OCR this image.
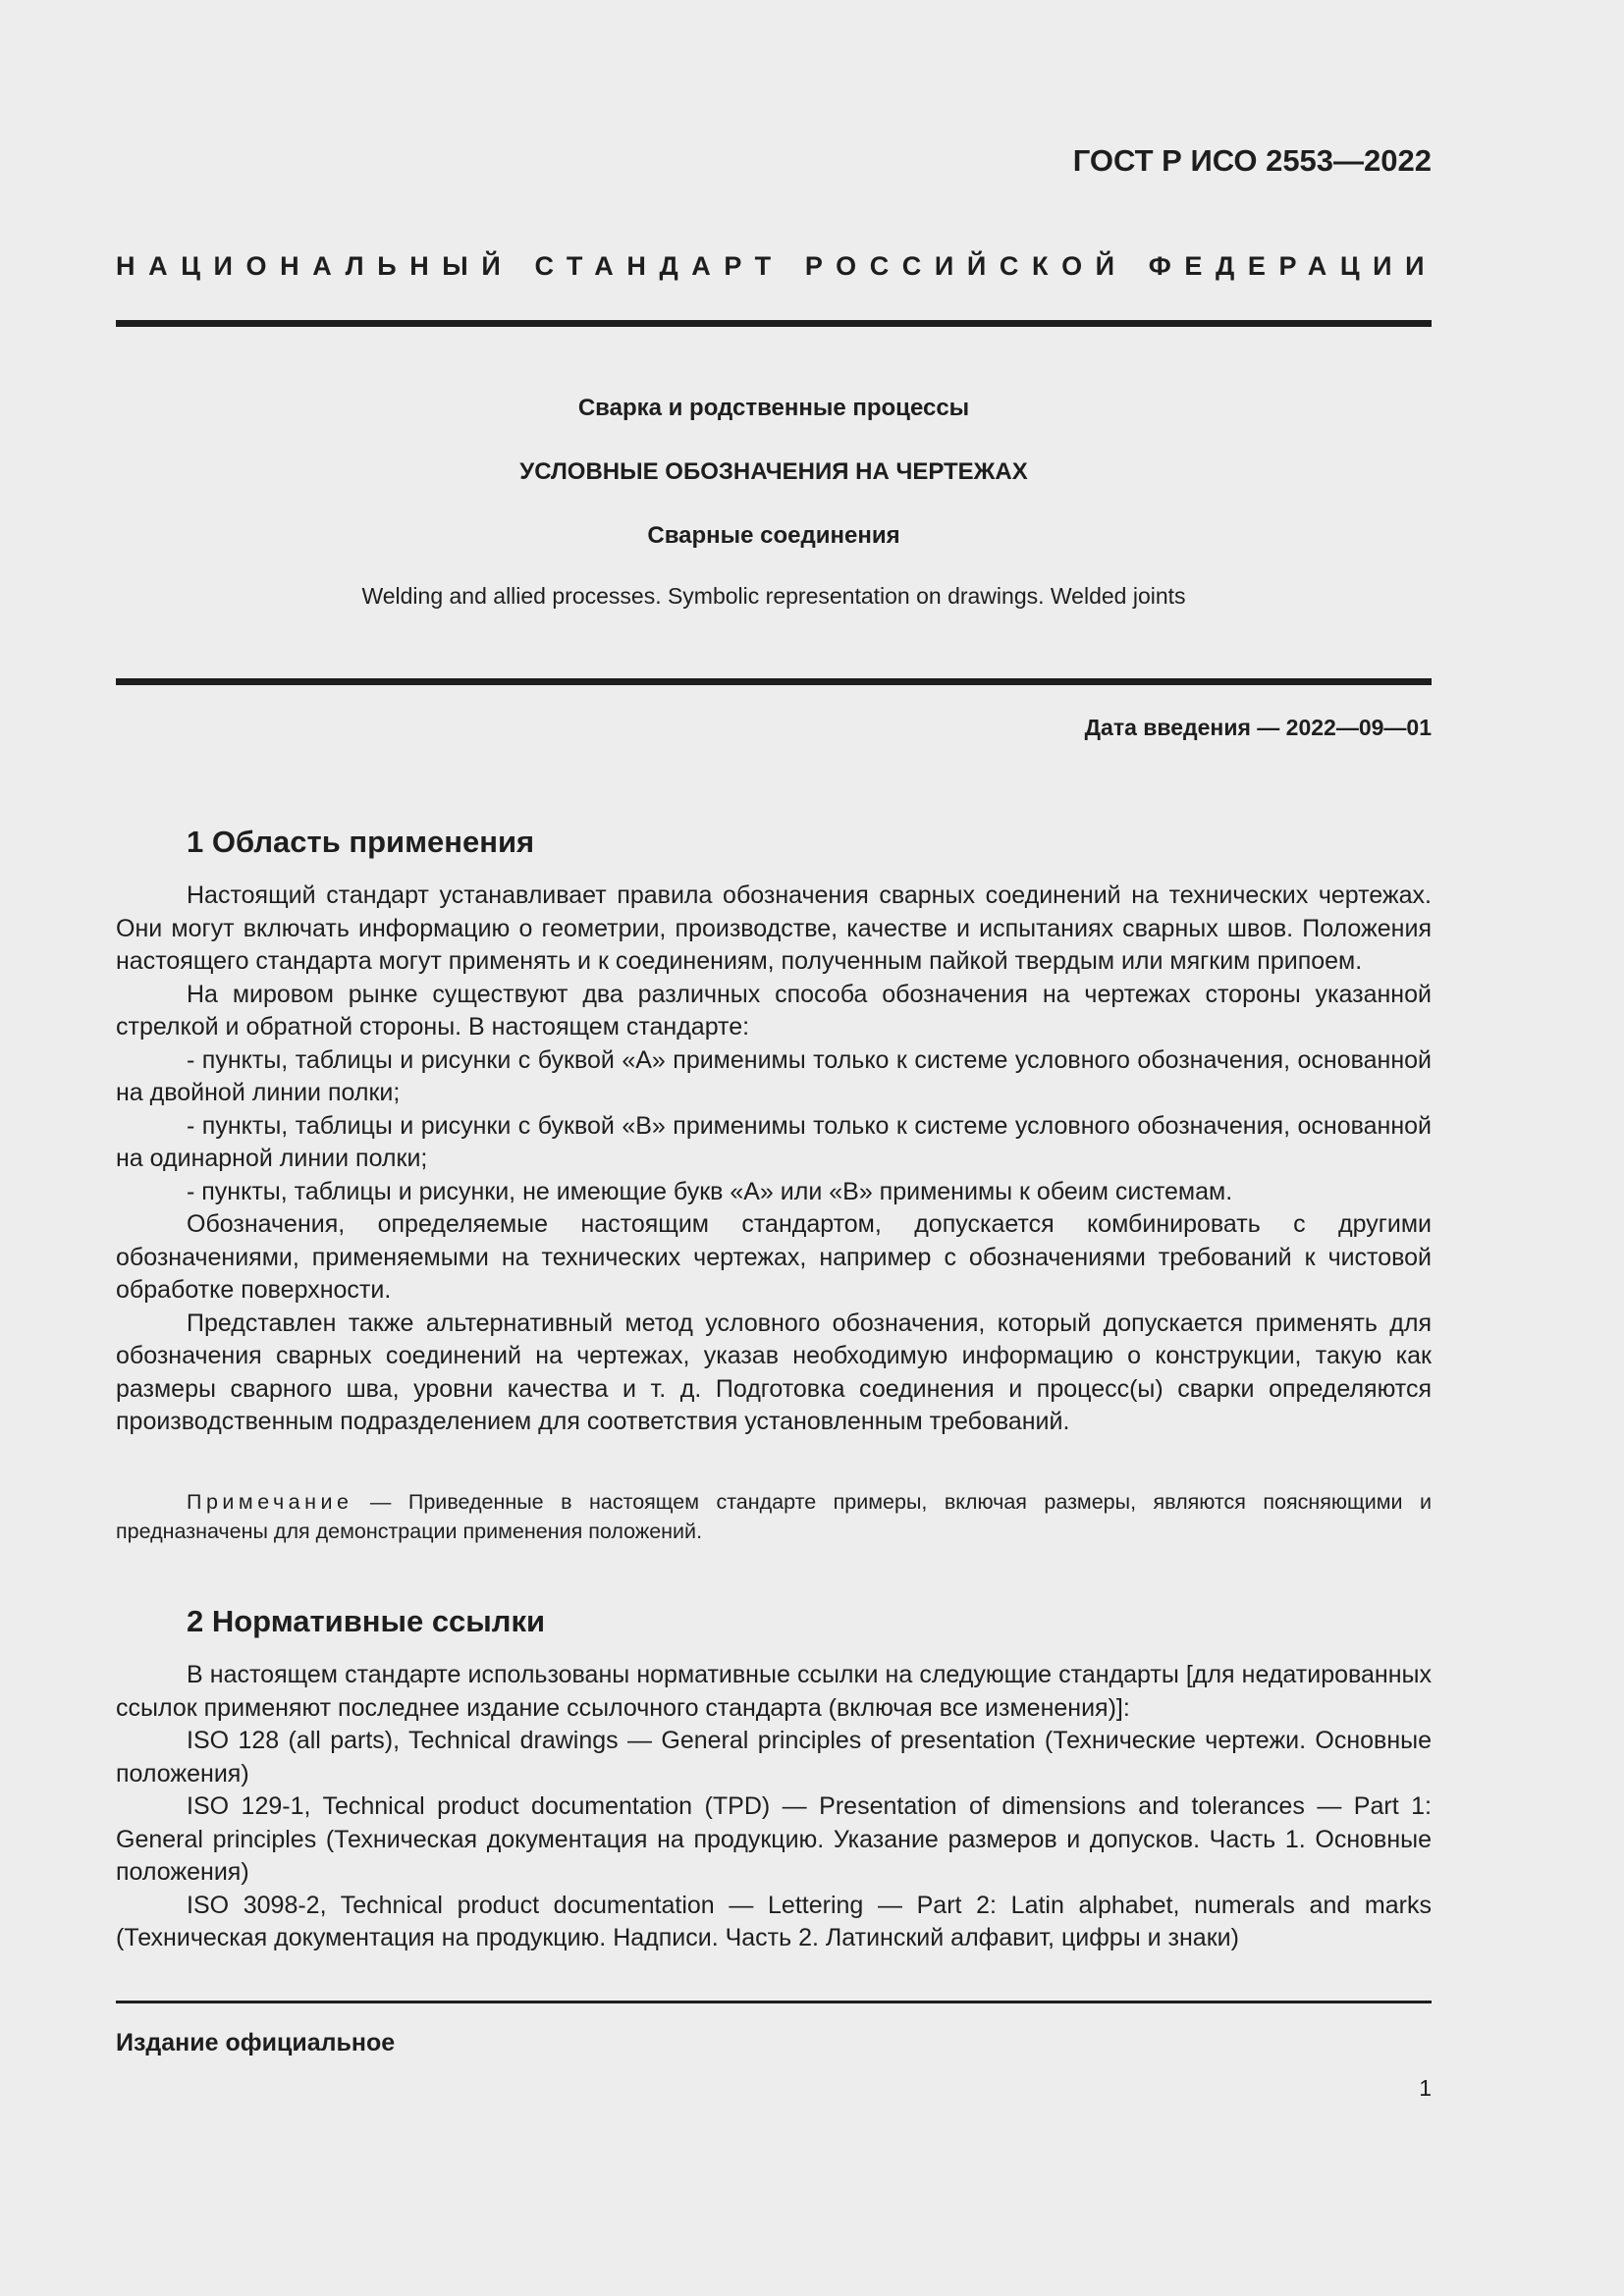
ГОСТ Р ИСО 2553—2022
НАЦИОНАЛЬНЫЙ СТАНДАРТ РОССИЙСКОЙ ФЕДЕРАЦИИ
Сварка и родственные процессы
УСЛОВНЫЕ ОБОЗНАЧЕНИЯ НА ЧЕРТЕЖАХ
Сварные соединения
Welding and allied processes. Symbolic representation on drawings. Welded joints
Дата введения — 2022—09—01
1 Область применения

Настоящий стандарт устанавливает правила обозначения сварных соединений на технических чертежах. Они могут включать информацию о геометрии, производстве, качестве и испытаниях сварных швов. Положения настоящего стандарта могут применять и к соединениям, полученным пайкой твердым или мягким припоем.

На мировом рынке существуют два различных способа обозначения на чертежах стороны указанной стрелкой и обратной стороны. В настоящем стандарте:

- пункты, таблицы и рисунки с буквой «А» применимы только к системе условного обозначения, основанной на двойной линии полки;

- пункты, таблицы и рисунки с буквой «В» применимы только к системе условного обозначения, основанной на одинарной линии полки;

- пункты, таблицы и рисунки, не имеющие букв «А» или «В» применимы к обеим системам.

Обозначения, определяемые настоящим стандартом, допускается комбинировать с другими обозначениями, применяемыми на технических чертежах, например с обозначениями требований к чистовой обработке поверхности.

Представлен также альтернативный метод условного обозначения, который допускается применять для обозначения сварных соединений на чертежах, указав необходимую информацию о конструкции, такую как размеры сварного шва, уровни качества и т. д. Подготовка соединения и процесс(ы) сварки определяются производственным подразделением для соответствия установленным требований.

Примечание — Приведенные в настоящем стандарте примеры, включая размеры, являются поясняющими и предназначены для демонстрации применения положений.

2 Нормативные ссылки

В настоящем стандарте использованы нормативные ссылки на следующие стандарты [для недатированных ссылок применяют последнее издание ссылочного стандарта (включая все изменения)]:

ISO 128 (all parts), Technical drawings — General principles of presentation (Технические чертежи. Основные положения)

ISO 129-1, Technical product documentation (TPD) — Presentation of dimensions and tolerances — Part 1: General principles (Техническая документация на продукцию. Указание размеров и допусков. Часть 1. Основные положения)

ISO 3098-2, Technical product documentation — Lettering — Part 2: Latin alphabet, numerals and marks (Техническая документация на продукцию. Надписи. Часть 2. Латинский алфавит, цифры и знаки)

Издание официальное
1
